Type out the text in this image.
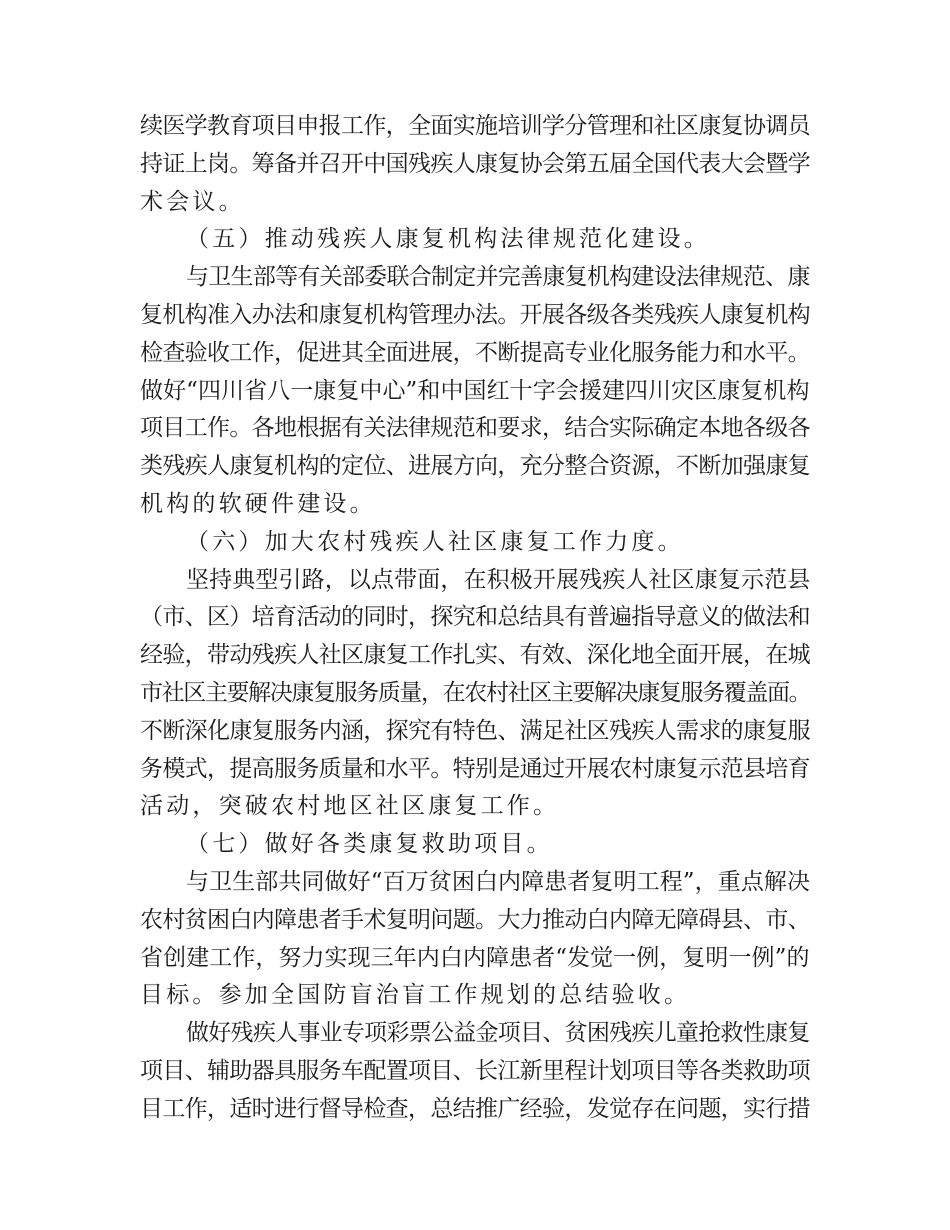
续医学教育项目申报工作，全面实施培训学分管理和社区康复协调员
持证上岗。筹备并召开中国残疾人康复协会第五届全国代表大会暨学
术会议。
（五）推动残疾人康复机构法律规范化建设。
与卫生部等有关部委联合制定并完善康复机构建设法律规范、康
复机构准入办法和康复机构管理办法。开展各级各类残疾人康复机构
检查验收工作，促进其全面进展，不断提高专业化服务能力和水平。
做好“四川省八一康复中心”和中国红十字会援建四川灾区康复机构
项目工作。各地根据有关法律规范和要求，结合实际确定本地各级各
类残疾人康复机构的定位、进展方向，充分整合资源，不断加强康复
机构的软硬件建设。
（六）加大农村残疾人社区康复工作力度。
坚持典型引路，以点带面，在积极开展残疾人社区康复示范县
（市、区）培育活动的同时，探究和总结具有普遍指导意义的做法和
经验，带动残疾人社区康复工作扎实、有效、深化地全面开展，在城
市社区主要解决康复服务质量，在农村社区主要解决康复服务覆盖面。
不断深化康复服务内涵，探究有特色、满足社区残疾人需求的康复服
务模式，提高服务质量和水平。特别是通过开展农村康复示范县培育
活动，突破农村地区社区康复工作。
（七）做好各类康复救助项目。
与卫生部共同做好“百万贫困白内障患者复明工程”，重点解决
农村贫困白内障患者手术复明问题。大力推动白内障无障碍县、市、
省创建工作，努力实现三年内白内障患者“发觉一例，复明一例”的
目标。参加全国防盲治盲工作规划的总结验收。
做好残疾人事业专项彩票公益金项目、贫困残疾儿童抢救性康复
项目、辅助器具服务车配置项目、长江新里程计划项目等各类救助项
目工作，适时进行督导检查，总结推广经验，发觉存在问题，实行措
